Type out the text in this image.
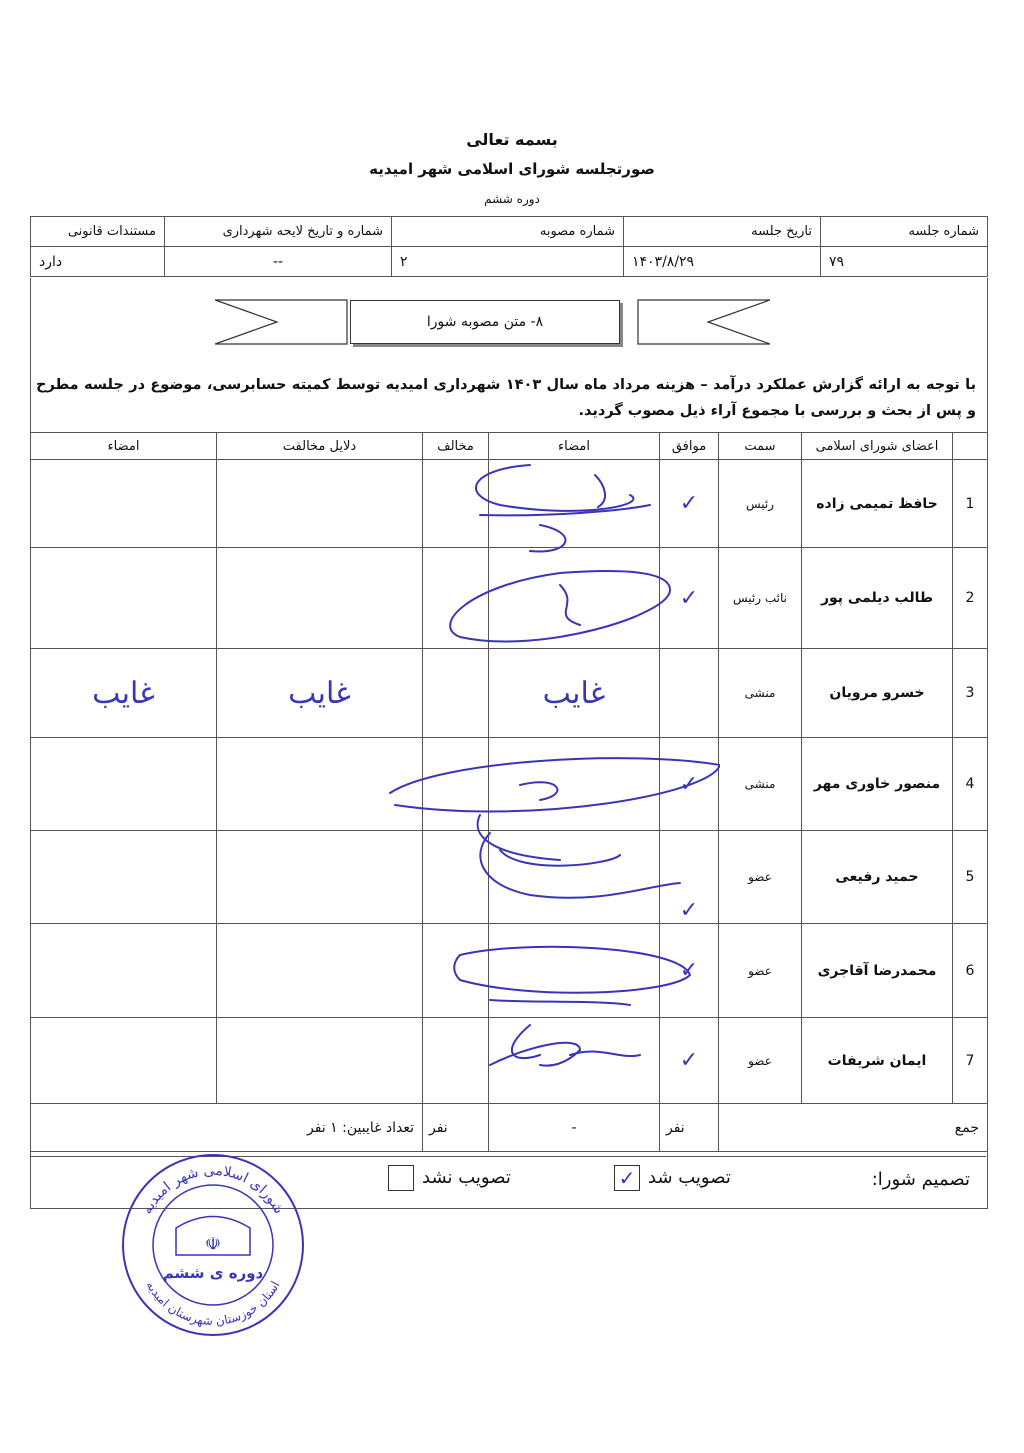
بسمه تعالی
صورتجلسه شورای اسلامی شهر امیدیه
دوره ششم
شماره جلسه	تاریخ جلسه	شماره مصوبه	شماره و تاریخ لایحه شهرداری	مستندات قانونی
۷۹	۱۴۰۳/۸/۲۹	۲	--	دارد
۸- متن مصوبه شورا
با توجه به ارائه گزارش عملکرد درآمد – هزینه مرداد ماه سال ۱۴۰۳ شهرداری امیدیه توسط کمیته حسابرسی، موضوع در جلسه مطرح و پس از بحث و بررسی با مجموع آراء ذیل مصوب گردید.
	اعضای شورای اسلامی	سمت	موافق	امضاء	مخالف	دلایل مخالفت	امضاء
1	حافظ تمیمی زاده	رئیس	✓				
2	طالب دیلمی پور	نائب رئیس	✓				
3	خسرو مرویان	منشی		غایب		غایب	غایب
4	منصور خاوری مهر	منشی	✓				
5	حمید رفیعی	عضو	✓				
6	محمدرضا آقاجری	عضو	✓				
7	ایمان شریفات	عضو	✓				
جمع			نفر	-	نفر	تعداد غایبین: ۱ نفر	
تصمیم شورا:
✓ تصویب شد
تصویب نشد
شورای اسلامی شهر امیدیه
استان خوزستان شهرستان امیدیه
☫
دوره ی ششم
